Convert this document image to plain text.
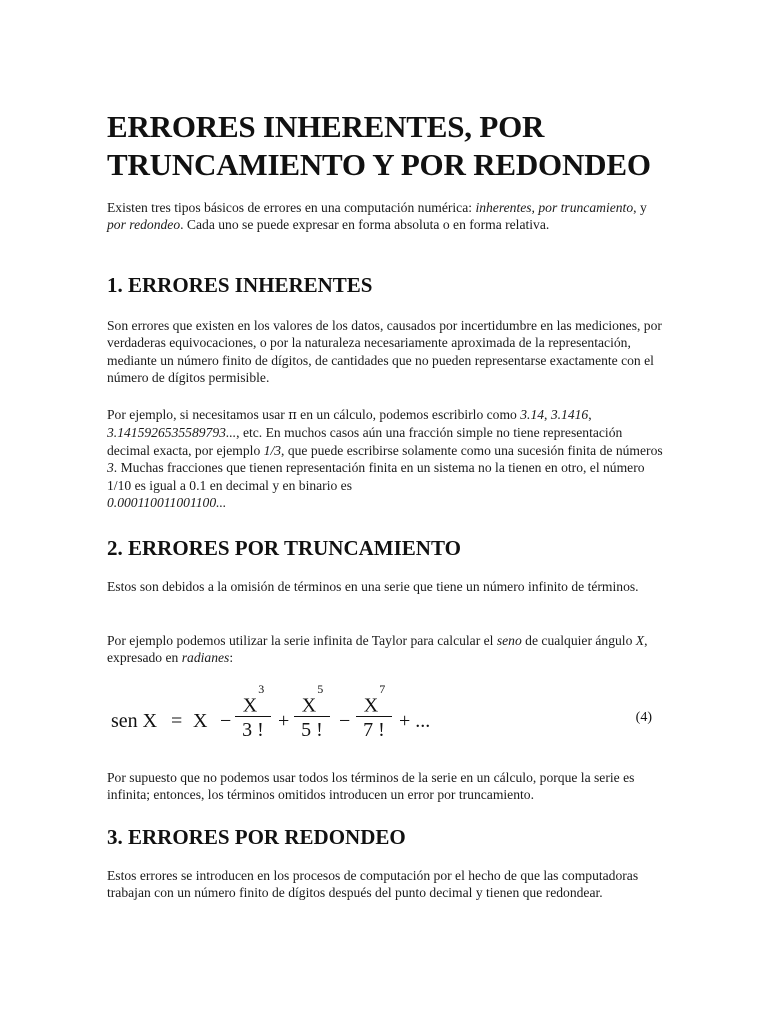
ERRORES INHERENTES, POR TRUNCAMIENTO Y POR REDONDEO

Existen tres tipos básicos de errores en una computación numérica: inherentes, por truncamiento, y por redondeo. Cada uno se puede expresar en forma absoluta o en forma relativa.

1. ERRORES INHERENTES

Son errores que existen en los valores de los datos, causados por incertidumbre en las mediciones, por verdaderas equivocaciones, o por la naturaleza necesariamente aproximada de la representación, mediante un número finito de dígitos, de cantidades que no pueden representarse exactamente con el número de dígitos permisible.

Por ejemplo, si necesitamos usar π en un cálculo, podemos escribirlo como 3.14, 3.1416,
3.1415926535589793..., etc. En muchos casos aún una fracción simple no tiene representación decimal exacta, por ejemplo 1/3, que puede escribirse solamente como una sucesión finita de números 3. Muchas fracciones que tienen representación finita en un sistema no la tienen en otro, el número 1/10 es igual a 0.1 en decimal y en binario es
0.000110011001100...

2. ERRORES POR TRUNCAMIENTO

Estos son debidos a la omisión de términos en una serie que tiene un número infinito de términos.

Por ejemplo podemos utilizar la serie infinita de Taylor para calcular el seno de cualquier ángulo X, expresado en radianes:

sen X = X −
$X^3$
3 ! +
$X^5$
5 ! −
$X^7$
7 ! + ...	(4)

Por supuesto que no podemos usar todos los términos de la serie en un cálculo, porque la serie es infinita; entonces, los términos omitidos introducen un error por truncamiento.

3. ERRORES POR REDONDEO

Estos errores se introducen en los procesos de computación por el hecho de que las computadoras trabajan con un número finito de dígitos después del punto decimal y tienen que redondear.
